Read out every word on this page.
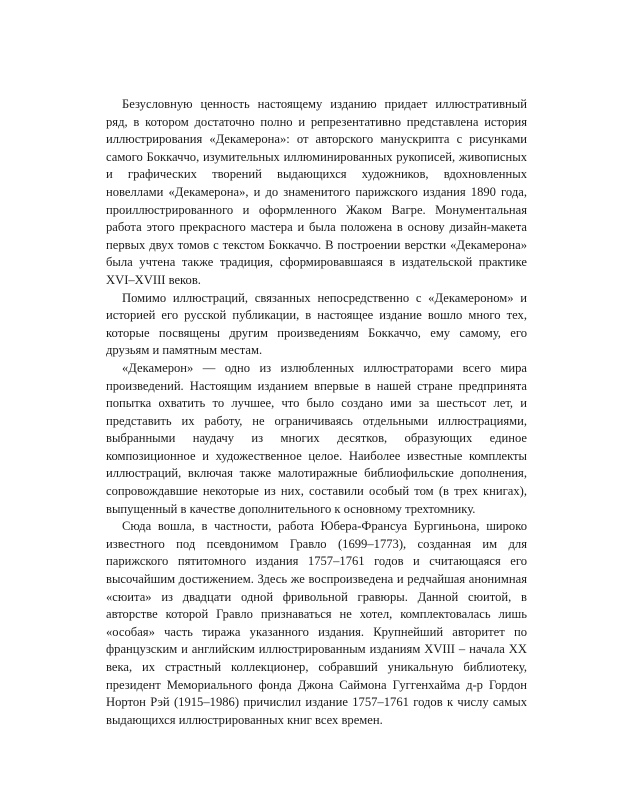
Безусловную ценность настоящему изданию придает иллюстративный ряд, в котором достаточно полно и репрезентативно представлена история иллюстрирования «Декамерона»: от авторского манускрипта с рисунками самого Боккаччо, изумительных иллюминированных рукописей, живописных и графических творений выдающихся художников, вдохновленных новеллами «Декамерона», и до знаменитого парижского издания 1890 года, проиллюстрированного и оформленного Жаком Вагре. Монументальная работа этого прекрасного мастера и была положена в основу дизайн-макета первых двух томов с текстом Боккаччо. В построении верстки «Декамерона» была учтена также традиция, сформировавшаяся в издательской практике XVI–XVIII веков.

Помимо иллюстраций, связанных непосредственно с «Декамероном» и историей его русской публикации, в настоящее издание вошло много тех, которые посвящены другим произведениям Боккаччо, ему самому, его друзьям и памятным местам.

«Декамерон» — одно из излюбленных иллюстраторами всего мира произведений. Настоящим изданием впервые в нашей стране предпринята попытка охватить то лучшее, что было создано ими за шестьсот лет, и представить их работу, не ограничиваясь отдельными иллюстрациями, выбранными наудачу из многих десятков, образующих единое композиционное и художественное целое. Наиболее известные комплекты иллюстраций, включая также малотиражные библиофильские дополнения, сопровождавшие некоторые из них, составили особый том (в трех книгах), выпущенный в качестве дополнительного к основному трехтомнику.

Сюда вошла, в частности, работа Юбера-Франсуа Бургиньона, широко известного под псевдонимом Гравло (1699–1773), созданная им для парижского пятитомного издания 1757–1761 годов и считающаяся его высочайшим достижением. Здесь же воспроизведена и редчайшая анонимная «сюита» из двадцати одной фривольной гравюры. Данной сюитой, в авторстве которой Гравло признаваться не хотел, комплектовалась лишь «особая» часть тиража указанного издания. Крупнейший авторитет по французским и английским иллюстрированным изданиям XVIII – начала XX века, их страстный коллекционер, собравший уникальную библиотеку, президент Мемориального фонда Джона Саймона Гуггенхайма д-р Гордон Нортон Рэй (1915–1986) причислил издание 1757–1761 годов к числу самых выдающихся иллюстрированных книг всех времен.
